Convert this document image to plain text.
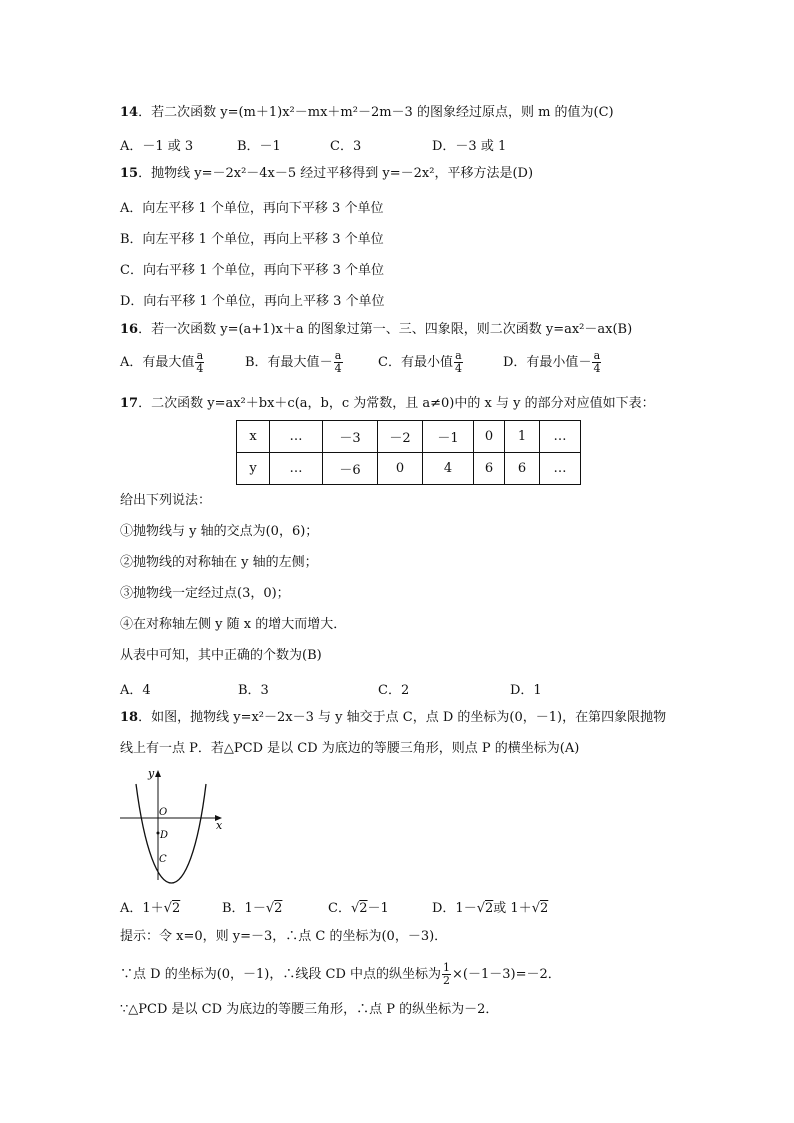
14．若二次函数 y=(m＋1)x²－mx＋m²－2m－3 的图象经过原点，则 m 的值为(C)
A．－1 或 3	B．－1	C．3	D．－3 或 1
15．抛物线 y=－2x²－4x－5 经过平移得到 y=－2x²，平移方法是(D)
A．向左平移 1 个单位，再向下平移 3 个单位
B．向左平移 1 个单位，再向上平移 3 个单位
C．向右平移 1 个单位，再向下平移 3 个单位
D．向右平移 1 个单位，再向上平移 3 个单位
16．若一次函数 y=(a+1)x＋a 的图象过第一、三、四象限，则二次函数 y=ax²－ax(B)
A．有最大值 $\frac{a}{4}$	B．有最大值－ $\frac{a}{4}$	C．有最小值 $\frac{a}{4}$	D．有最小值－ $\frac{a}{4}$
17．二次函数 y=ax²＋bx＋c(a，b，c 为常数，且 a≠0)中的 x 与 y 的部分对应值如下表：
x	…	－3	－2	－1	0	1	…
y	…	－6	0	4	6	6	…
给出下列说法：
①抛物线与 y 轴的交点为(0，6)；
②抛物线的对称轴在 y 轴的左侧；
③抛物线一定经过点(3，0)；
④在对称轴左侧 y 随 x 的增大而增大．
从表中可知，其中正确的个数为(B)
A．4	B．3	C．2	D．1
18．如图，抛物线 y=x²－2x－3 与 y 轴交于点 C，点 D 的坐标为(0，－1)，在第四象限抛物
线上有一点 P．若△PCD 是以 CD 为底边的等腰三角形，则点 P 的横坐标为(A)
y
x
O
D
C
A．1＋√2	B．1－√2	C．√2－1	D．1－√2或 1＋√2
提示：令 x=0，则 y=－3，∴点 C 的坐标为(0，－3)．
∵点 D 的坐标为(0，－1)，∴线段 CD 中点的纵坐标为 $\frac{1}{2} \times(-1-3)=-2$．
∵△PCD 是以 CD 为底边的等腰三角形，∴点 P 的纵坐标为－2．
